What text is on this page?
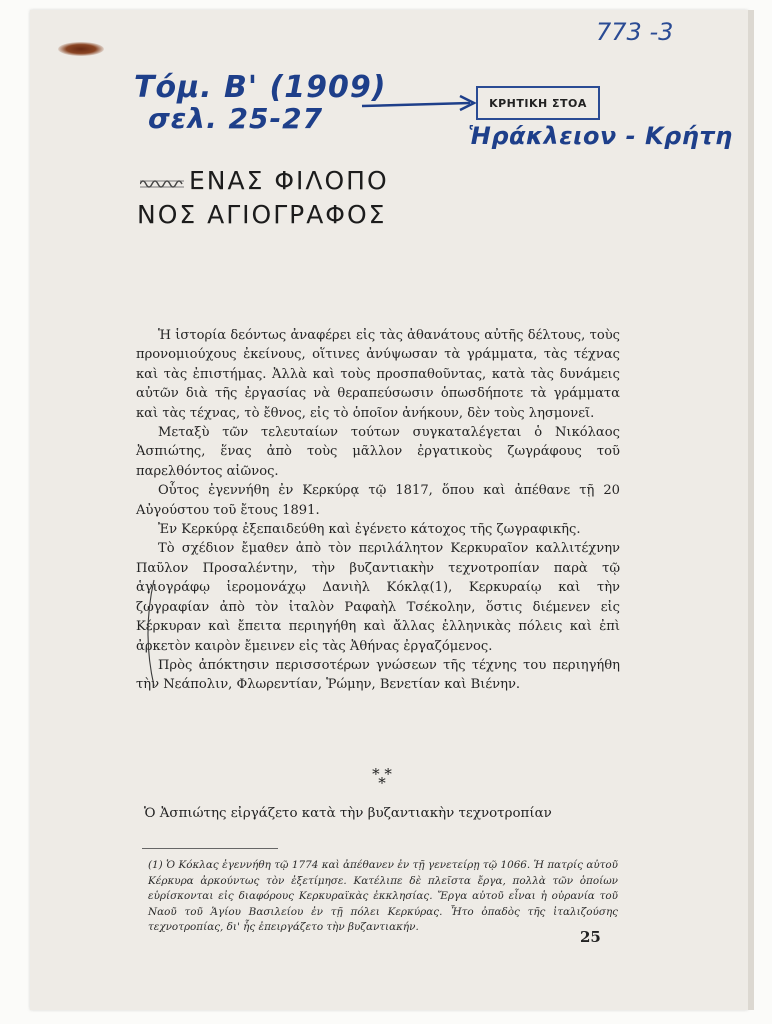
773 -3
Τόμ. Β' (1909)
σελ. 25-27	ΚΡΗΤΙΚΗ ΣΤΟΑ
Ἡράκλειον - Κρήτη
ΕΝΑΣ ΦΙΛΟΠΟ
ΝΟΣ ΑΓΙΟΓΡΑΦΟΣ

Ἡ ἱστορία δεόντως ἀναφέρει εἰς τὰς ἀθανάτους αὐτῆς δέλτους, τοὺς προνομιούχους ἐκείνους, οἵτινες ἀνύψωσαν τὰ γράμματα, τὰς τέχνας καὶ τὰς ἐπιστήμας. Ἀλλὰ καὶ τοὺς προσπαθοῦντας, κατὰ τὰς δυνάμεις αὐτῶν διὰ τῆς ἐργασίας νὰ θεραπεύσωσιν ὁπωσδήποτε τὰ γράμματα καὶ τὰς τέχνας, τὸ ἔθνος, εἰς τὸ ὁποῖον ἀνήκουν, δὲν τοὺς λησμονεῖ.

Μεταξὺ τῶν τελευταίων τούτων συγκαταλέγεται ὁ Νικόλαος Ἀσπιώτης, ἕνας ἀπὸ τοὺς μᾶλλον ἐργατικοὺς ζωγράφους τοῦ παρελθόντος αἰῶνος.

Οὗτος ἐγεννήθη ἐν Κερκύρᾳ τῷ 1817, ὅπου καὶ ἀπέθανε τῇ 20 Αὐγούστου τοῦ ἔτους 1891.

Ἐν Κερκύρᾳ ἐξεπαιδεύθη καὶ ἐγένετο κάτοχος τῆς ζωγραφικῆς.

Τὸ σχέδιον ἔμαθεν ἀπὸ τὸν περιλάλητον Κερκυραῖον καλλιτέχνην Παῦλον Προσαλέντην, τὴν βυζαντιακὴν τεχνοτροπίαν παρὰ τῷ ἁγιογράφῳ ἱερομονάχῳ Δανιὴλ Κόκλᾳ(1), Κερκυραίῳ καὶ τὴν ζωγραφίαν ἀπὸ τὸν ἰταλὸν Ραφαὴλ Τσέκολην, ὅστις διέμενεν εἰς Κέρκυραν καὶ ἔπειτα περιηγήθη καὶ ἄλλας ἑλληνικὰς πόλεις καὶ ἐπὶ ἀρκετὸν καιρὸν ἔμεινεν εἰς τὰς Ἀθήνας ἐργαζόμενος.

Πρὸς ἀπόκτησιν περισσοτέρων γνώσεων τῆς τέχνης του περιηγήθη τὴν Νεάπολιν, Φλωρεντίαν, Ῥώμην, Βενετίαν καὶ Βιένην.

* *
*
Ὁ Ἀσπιώτης εἰργάζετο κατὰ τὴν βυζαντιακὴν τεχνοτροπίαν
(1) Ὁ Κόκλας ἐγεννήθη τῷ 1774 καὶ ἀπέθανεν ἐν τῇ γενετείρῃ τῷ 1066. Ἡ πατρίς αὐτοῦ Κέρκυρα ἀρκούντως τὸν ἐξετίμησε. Κατέλιπε δὲ πλεῖστα ἔργα, πολλὰ τῶν ὁποίων εὑρίσκονται εἰς διαφόρους Κερκυραϊκὰς ἐκκλησίας. Ἔργα αὐτοῦ εἶναι ἡ οὐρανία τοῦ Ναοῦ τοῦ Ἁγίου Βασιλείου ἐν τῇ πόλει Κερκύρας. Ἦτο ὀπαδὸς τῆς ἰταλιζούσης τεχνοτροπίας, δι' ἧς ἐπειργάζετο τὴν βυζαντιακήν.
25
